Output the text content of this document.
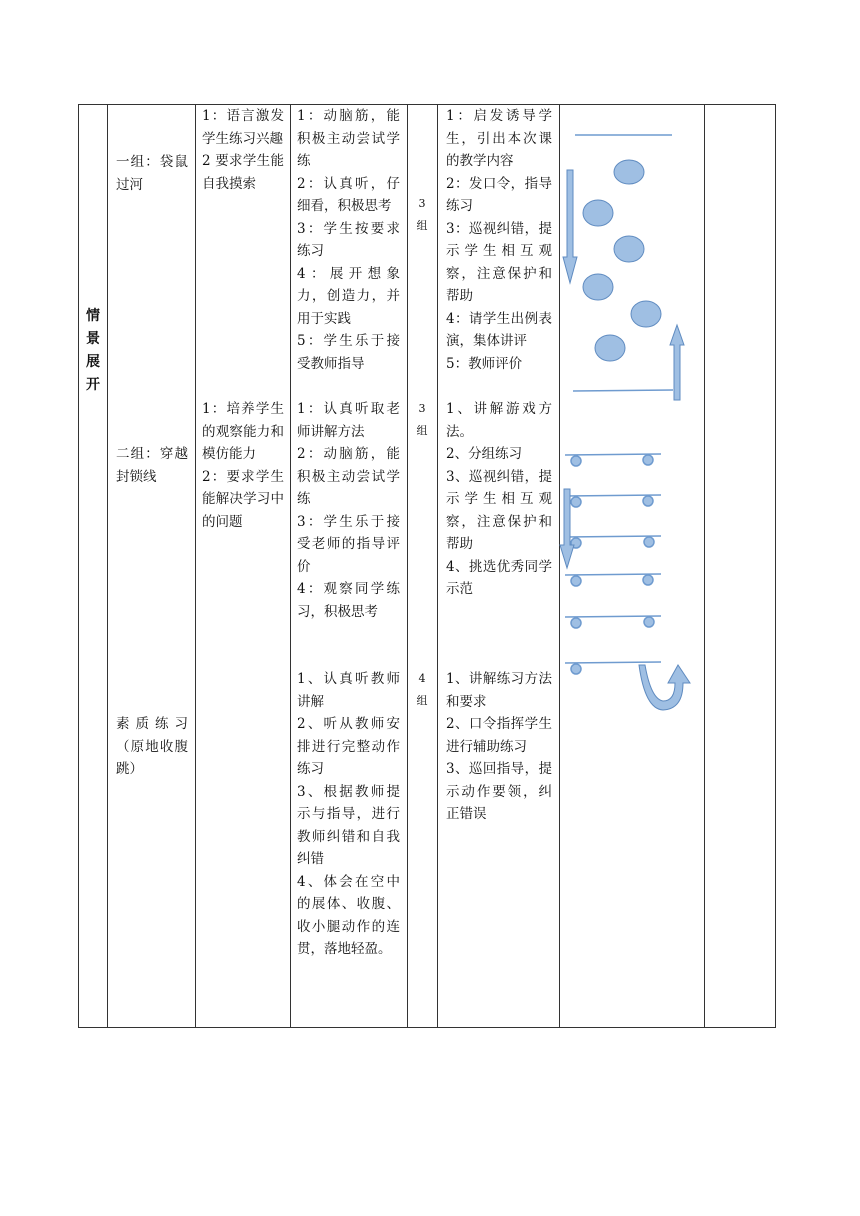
情
景
展
开
一组：袋鼠过河
1：语言激发学生练习兴趣
2 要求学生能自我摸索
1：动脑筋，能积极主动尝试学练
2：认真听，仔细看，积极思考
3：学生按要求练习
4：展开想象力，创造力，并用于实践
5：学生乐于接受教师指导
3
组
1：启发诱导学生，引出本次课的教学内容
2：发口令，指导练习
3：巡视纠错，提示学生相互观察，注意保护和帮助
4：请学生出例表演，集体讲评
5：教师评价
二组：穿越封锁线
1：培养学生的观察能力和模仿能力
2：要求学生能解决学习中的问题
1：认真听取老师讲解方法
2：动脑筋，能积极主动尝试学练
3：学生乐于接受老师的指导评价
4：观察同学练习，积极思考
3
组
1、讲解游戏方法。
2、分组练习
3、巡视纠错，提示学生相互观察，注意保护和帮助
4、挑选优秀同学示范
素质练习（原地收腹跳）
1、认真听教师讲解
2、听从教师安排进行完整动作练习
3、根据教师提示与指导，进行教师纠错和自我纠错
4、体会在空中的展体、收腹、收小腿动作的连贯，落地轻盈。
4
组
1、讲解练习方法和要求
2、口令指挥学生进行辅助练习
3、巡回指导，提示动作要领，纠正错误
